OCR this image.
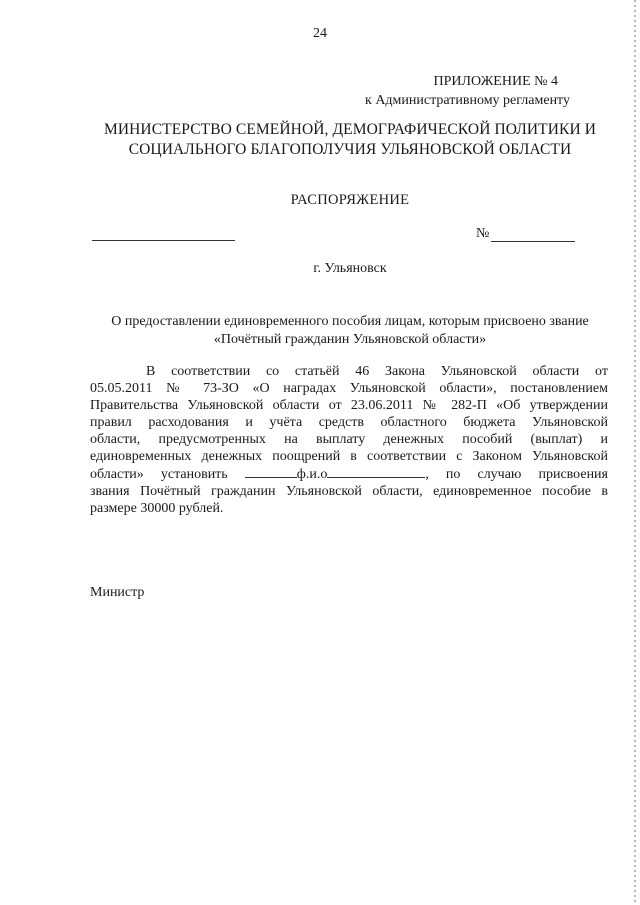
24
ПРИЛОЖЕНИЕ № 4
к Административному регламенту
МИНИСТЕРСТВО СЕМЕЙНОЙ, ДЕМОГРАФИЧЕСКОЙ ПОЛИТИКИ И
СОЦИАЛЬНОГО БЛАГОПОЛУЧИЯ УЛЬЯНОВСКОЙ ОБЛАСТИ
РАСПОРЯЖЕНИЕ
№
г. Ульяновск
О предоставлении единовременного пособия лицам, которым присвоено звание
«Почётный гражданин Ульяновской области»
В соответствии со статьёй 46 Закона Ульяновской области от
05.05.2011 № 73-ЗО «О наградах Ульяновской области», постановлением
Правительства Ульяновской области от 23.06.2011 № 282-П «Об утверждении
правил расходования и учёта средств областного бюджета Ульяновской
области, предусмотренных на выплату денежных пособий (выплат) и
единовременных денежных поощрений в соответствии с Законом Ульяновской
области» установить	ф.и.о	, по случаю присвоения
звания Почётный гражданин Ульяновской области, единовременное пособие в
размере 30000 рублей.
Министр
